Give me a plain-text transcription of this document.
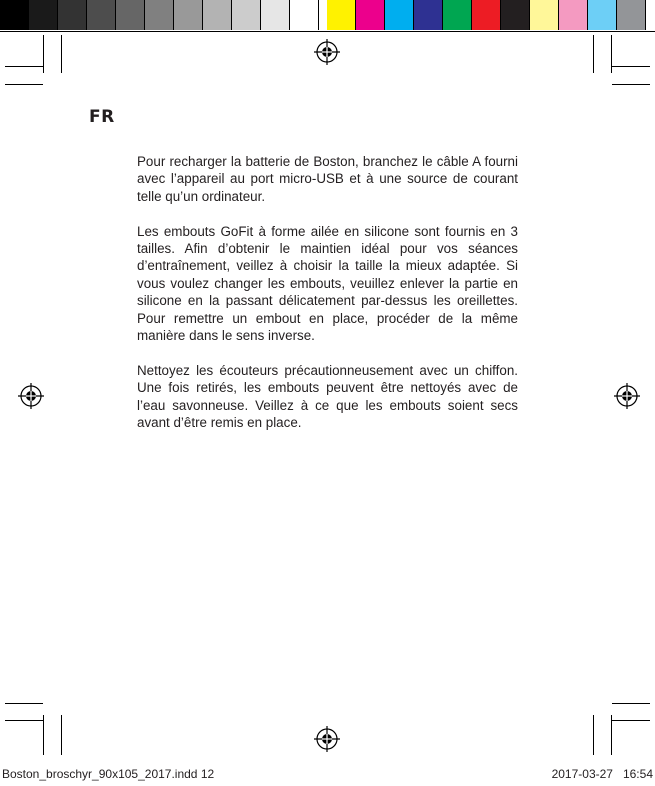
FR

Pour recharger la batterie de Boston, branchez le câble A fourni avec l’appareil au port micro-USB et à une source de courant telle qu’un ordinateur.

Les embouts GoFit à forme ailée en silicone sont fournis en 3 tailles. Afin d’obtenir le maintien idéal pour vos séances d’entraînement, veillez à choisir la taille la mieux adaptée. Si vous voulez changer les embouts, veuillez enlever la partie en silicone en la passant délicatement par-dessus les oreillettes. Pour remettre un embout en place, procéder de la même manière dans le sens inverse.

Nettoyez les écouteurs précautionneusement avec un chiffon. Une fois retirés, les embouts peuvent être nettoyés avec de l’eau savonneuse. Veillez à ce que les embouts soient secs avant d’être remis en place.

Boston_broschyr_90x105_2017.indd 12	2017-03-27   16:54
